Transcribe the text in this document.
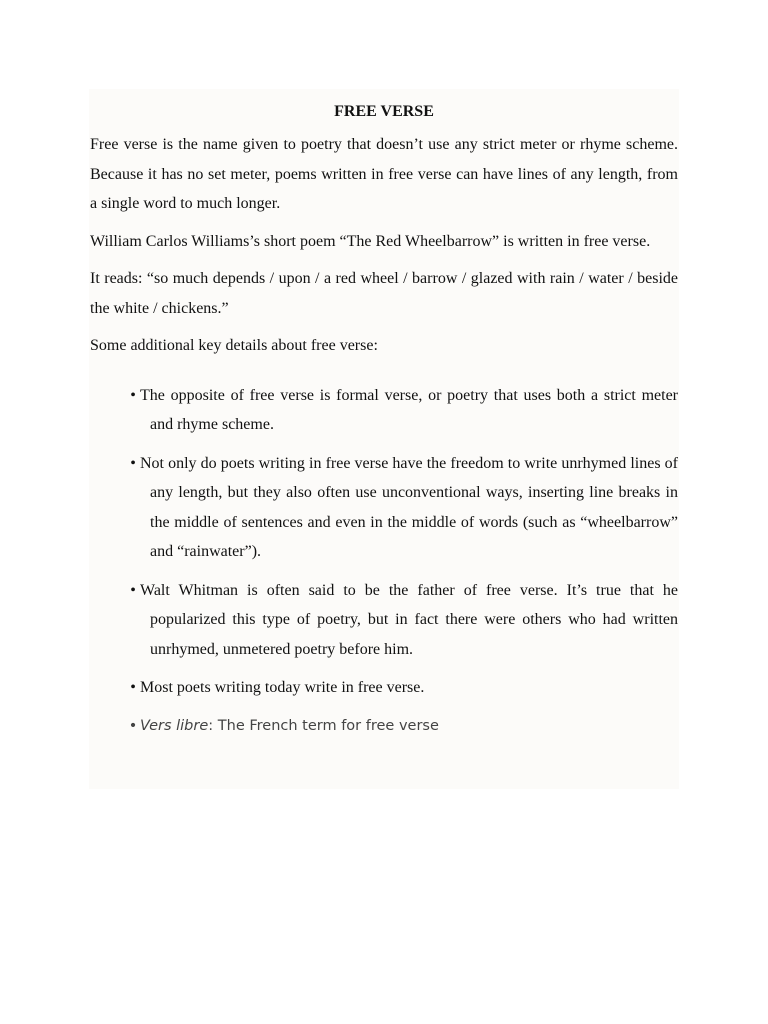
FREE VERSE

Free verse is the name given to poetry that doesn’t use any strict meter or rhyme scheme. Because it has no set meter, poems written in free verse can have lines of any length, from a single word to much longer.

William Carlos Williams’s short poem “The Red Wheelbarrow” is written in free verse.

It reads: “so much depends / upon / a red wheel / barrow / glazed with rain / water / beside the white / chickens.”

Some additional key details about free verse:

• The opposite of free verse is formal verse, or poetry that uses both a strict meter and rhyme scheme.
• Not only do poets writing in free verse have the freedom to write unrhymed lines of any length, but they also often use unconventional ways, inserting line breaks in the middle of sentences and even in the middle of words (such as “wheelbarrow” and “rainwater”).
• Walt Whitman is often said to be the father of free verse. It’s true that he popularized this type of poetry, but in fact there were others who had written unrhymed, unmetered poetry before him.
• Most poets writing today write in free verse.
• Vers libre: The French term for free verse
